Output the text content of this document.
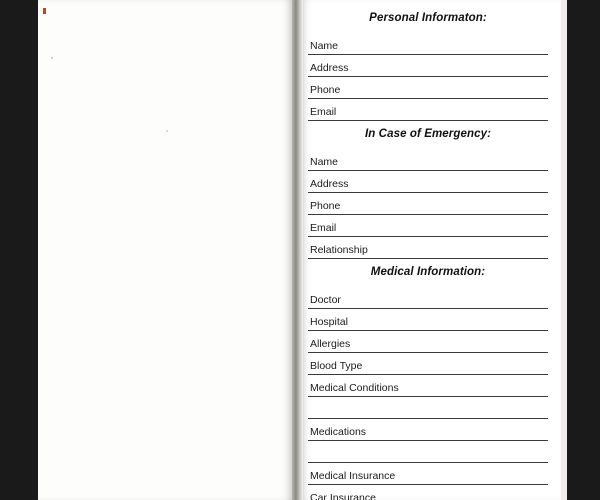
Personal Informaton:
Name
Address
Phone
Email
In Case of Emergency:
Name
Address
Phone
Email
Relationship
Medical Information:
Doctor
Hospital
Allergies
Blood Type
Medical Conditions
Medications
Medical Insurance
Car Insurance
